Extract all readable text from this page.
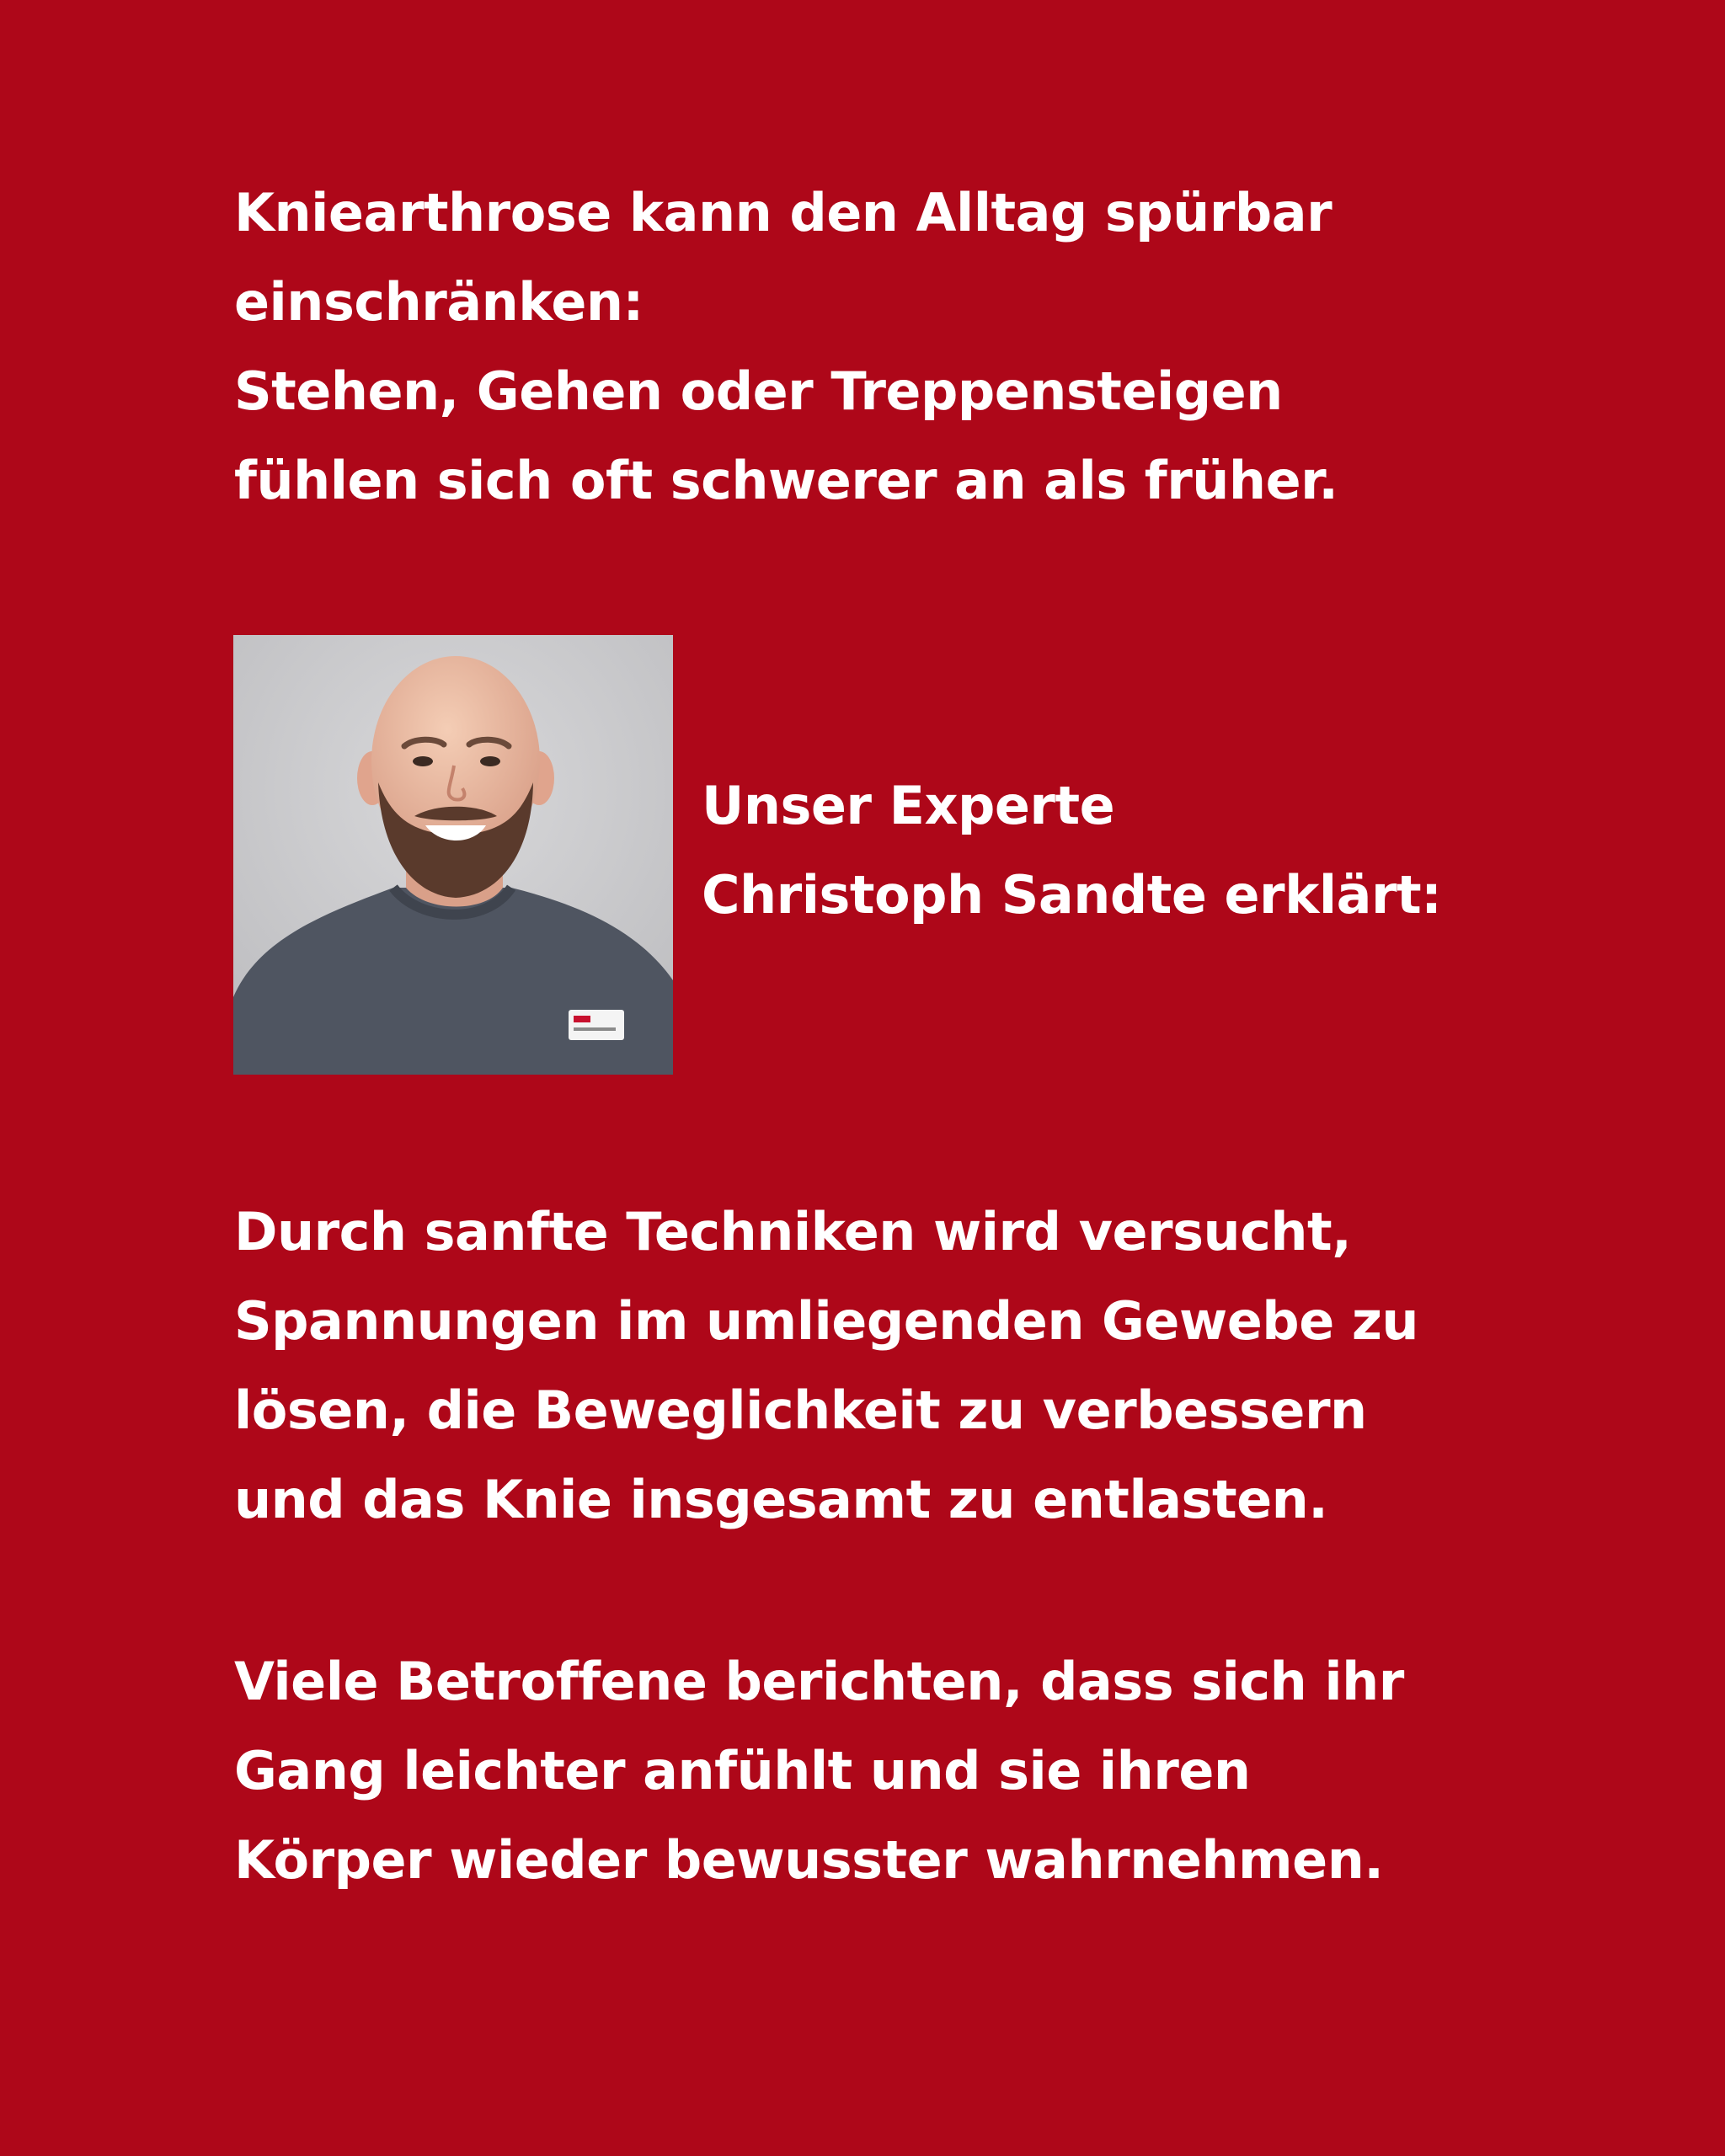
Kniearthrose kann den Alltag spürbar
einschränken:
Stehen, Gehen oder Treppensteigen
fühlen sich oft schwerer an als früher.
Unser Experte
Christoph Sandte erklärt:
Durch sanfte Techniken wird versucht,
Spannungen im umliegenden Gewebe zu
lösen, die Beweglichkeit zu verbessern
und das Knie insgesamt zu entlasten.
Viele Betroffene berichten, dass sich ihr
Gang leichter anfühlt und sie ihren
Körper wieder bewusster wahrnehmen.
